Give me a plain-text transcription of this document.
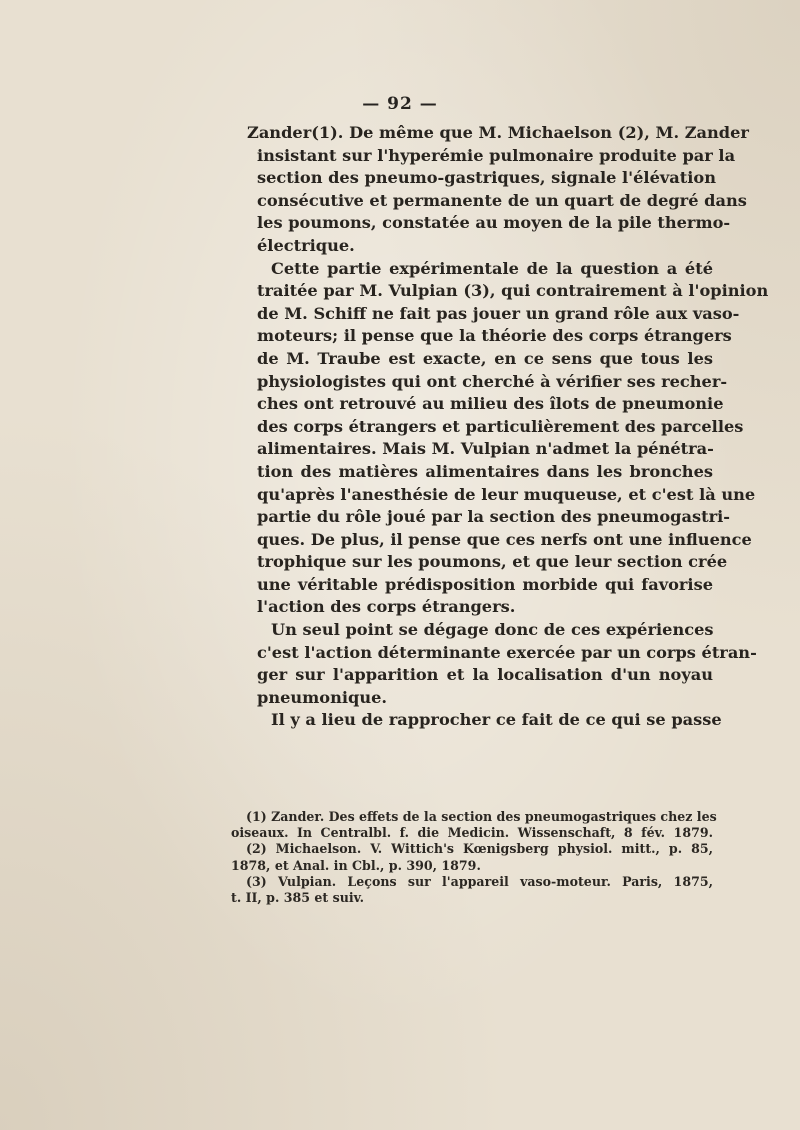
— 92 —
Zander(1). De même que M. Michaelson (2), M. Zander
insistant sur l'hyperémie pulmonaire produite par la
section des pneumo-gastriques, signale l'élévation
consécutive et permanente de un quart de degré dans
les poumons, constatée au moyen de la pile thermo-
électrique.
Cette partie expérimentale de la question a été
traitée par M. Vulpian (3), qui contrairement à l'opinion
de M. Schiff ne fait pas jouer un grand rôle aux vaso-
moteurs; il pense que la théorie des corps étrangers
de M. Traube est exacte, en ce sens que tous les
physiologistes qui ont cherché à vérifier ses recher-
ches ont retrouvé au milieu des îlots de pneumonie
des corps étrangers et particulièrement des parcelles
alimentaires. Mais M. Vulpian n'admet la pénétra-
tion des matières alimentaires dans les bronches
qu'après l'anesthésie de leur muqueuse, et c'est là une
partie du rôle joué par la section des pneumogastri-
ques. De plus, il pense que ces nerfs ont une influence
trophique sur les poumons, et que leur section crée
une véritable prédisposition morbide qui favorise
l'action des corps étrangers.
Un seul point se dégage donc de ces expériences
c'est l'action déterminante exercée par un corps étran-
ger sur l'apparition et la localisation d'un noyau
pneumonique.
Il y a lieu de rapprocher ce fait de ce qui se passe
(1) Zander. Des effets de la section des pneumogastriques chez les
oiseaux. In Centralbl. f. die Medicin. Wissenschaft, 8 fév. 1879.
(2) Michaelson. V. Wittich's Kœnigsberg physiol. mitt., p. 85,
1878, et Anal. in Cbl., p. 390, 1879.
(3) Vulpian. Leçons sur l'appareil vaso-moteur. Paris, 1875,
t. II, p. 385 et suiv.
